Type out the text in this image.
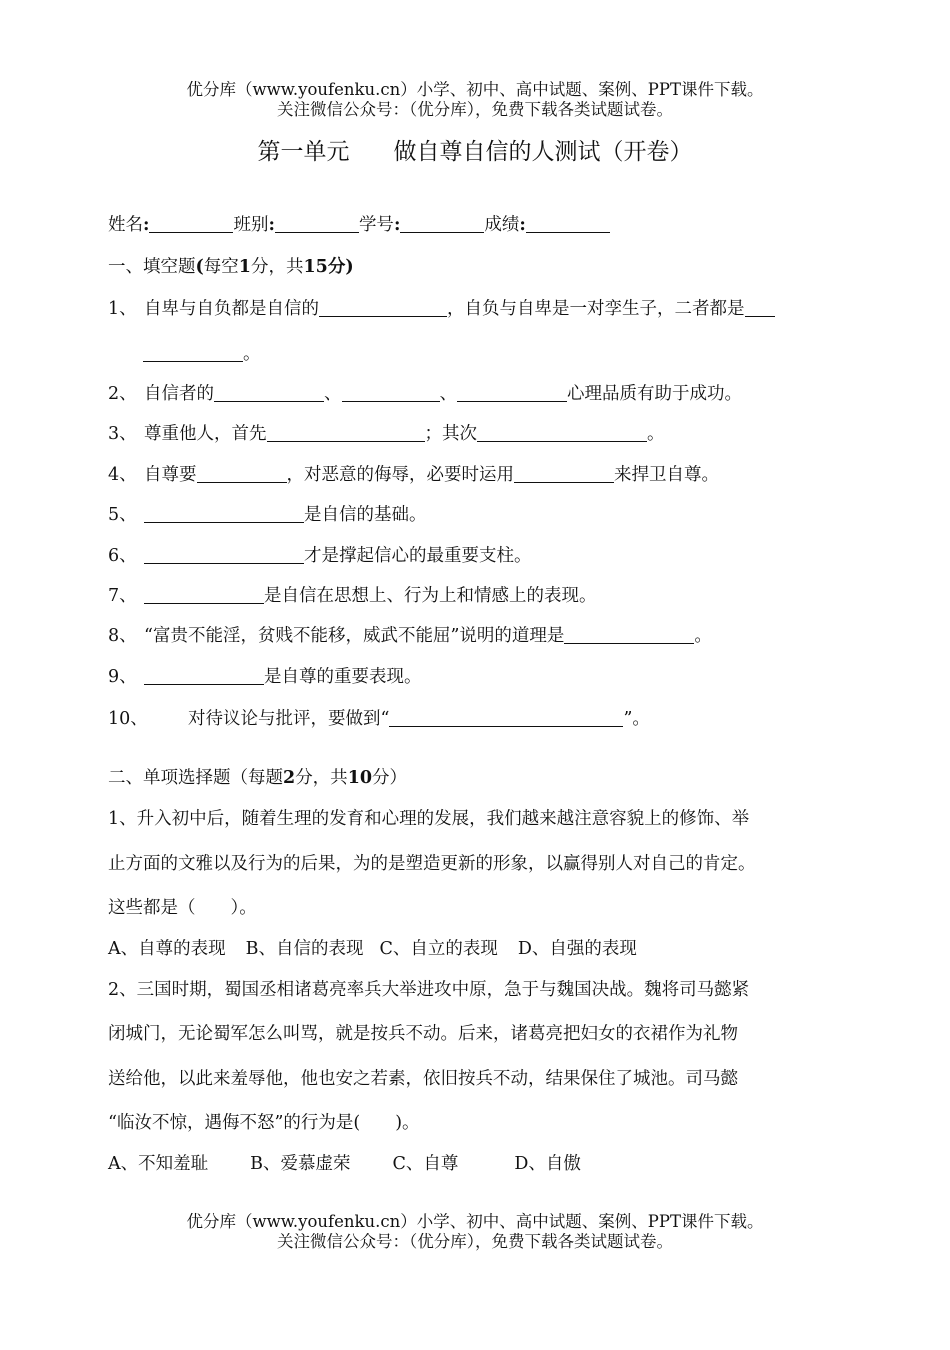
优分库（www.youfenku.cn）小学、初中、高中试题、案例、PPT课件下载。
关注微信公众号：（优分库），免费下载各类试题试卷。
第一单元 做自尊自信的人测试（开卷）
姓名:	班别:	学号:	成绩:
一、填空题(每空1分，共15分)
1、 自卑与自负都是自信的	，自负与自卑是一对孪生子，二者都是
。
2、 自信者的	、	、	心理品质有助于成功。
3、 尊重他人，首先	；其次	。
4、 自尊要	，对恶意的侮辱，必要时运用	来捍卫自尊。
5、	是自信的基础。
6、	才是撑起信心的最重要支柱。
7、	是自信在思想上、行为上和情感上的表现。
8、 “富贵不能淫，贫贱不能移，威武不能屈”说明的道理是	。
9、	是自尊的重要表现。
10、 对待议论与批评，要做到“	”。
二、单项选择题（每题2分，共10分）
1、升入初中后，随着生理的发育和心理的发展，我们越来越注意容貌上的修饰、举
止方面的文雅以及行为的后果，为的是塑造更新的形象，以赢得别人对自己的肯定。
这些都是（　　）。
A、自尊的表现 B、自信的表现 C、自立的表现 D、自强的表现
2、三国时期，蜀国丞相诸葛亮率兵大举进攻中原，急于与魏国决战。魏将司马懿紧
闭城门，无论蜀军怎么叫骂，就是按兵不动。后来，诸葛亮把妇女的衣裙作为礼物
送给他，以此来羞辱他，他也安之若素，依旧按兵不动，结果保住了城池。司马懿
“临汝不惊，遇侮不怒”的行为是(　　)。
A、不知羞耻 B、爱慕虚荣 C、自尊	D、自傲
优分库（www.youfenku.cn）小学、初中、高中试题、案例、PPT课件下载。
关注微信公众号：（优分库），免费下载各类试题试卷。
